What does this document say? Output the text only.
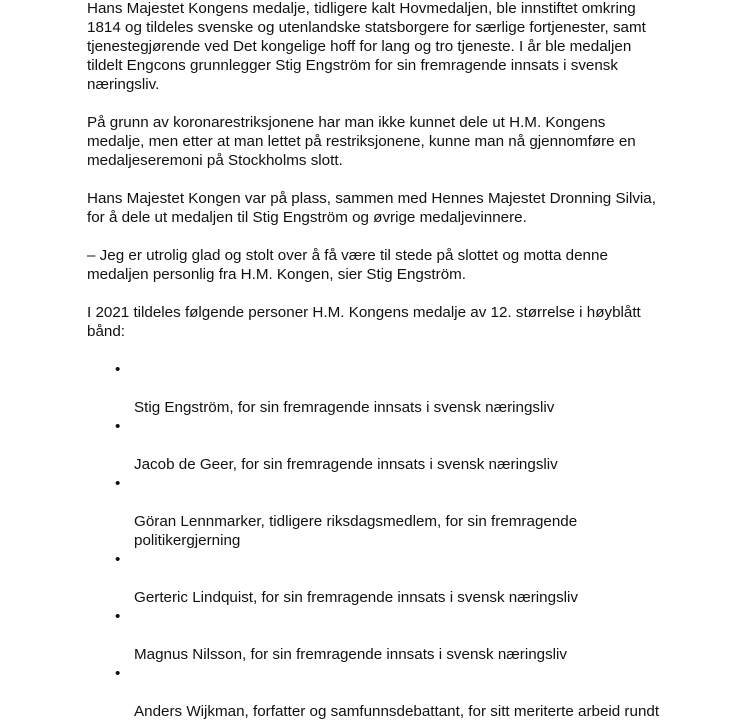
Hans Majestet Kongens medalje, tidligere kalt Hovmedaljen, ble innstiftet omkring
1814 og tildeles svenske og utenlandske statsborgere for særlige fortjenester, samt
tjenestegjørende ved Det kongelige hoff for lang og tro tjeneste. I år ble medaljen
tildelt Engcons grunnlegger Stig Engström for sin fremragende innsats i svensk
næringsliv.

På grunn av koronarestriksjonene har man ikke kunnet dele ut H.M. Kongens
medalje, men etter at man lettet på restriksjonene, kunne man nå gjennomføre en
medaljeseremoni på Stockholms slott.

Hans Majestet Kongen var på plass, sammen med Hennes Majestet Dronning Silvia,
for å dele ut medaljen til Stig Engström og øvrige medaljevinnere.

– Jeg er utrolig glad og stolt over å få være til stede på slottet og motta denne
medaljen personlig fra H.M. Kongen, sier Stig Engström.

I 2021 tildeles følgende personer H.M. Kongens medalje av 12. størrelse i høyblått
bånd:

•

Stig Engström, for sin fremragende innsats i svensk næringsliv

•

Jacob de Geer, for sin fremragende innsats i svensk næringsliv

•

Göran Lennmarker, tidligere riksdagsmedlem, for sin fremragende
politikergjerning

•

Gerteric Lindquist, for sin fremragende innsats i svensk næringsliv

•

Magnus Nilsson, for sin fremragende innsats i svensk næringsliv

•

Anders Wijkman, forfatter og samfunnsdebattant, for sitt meriterte arbeid rundt
